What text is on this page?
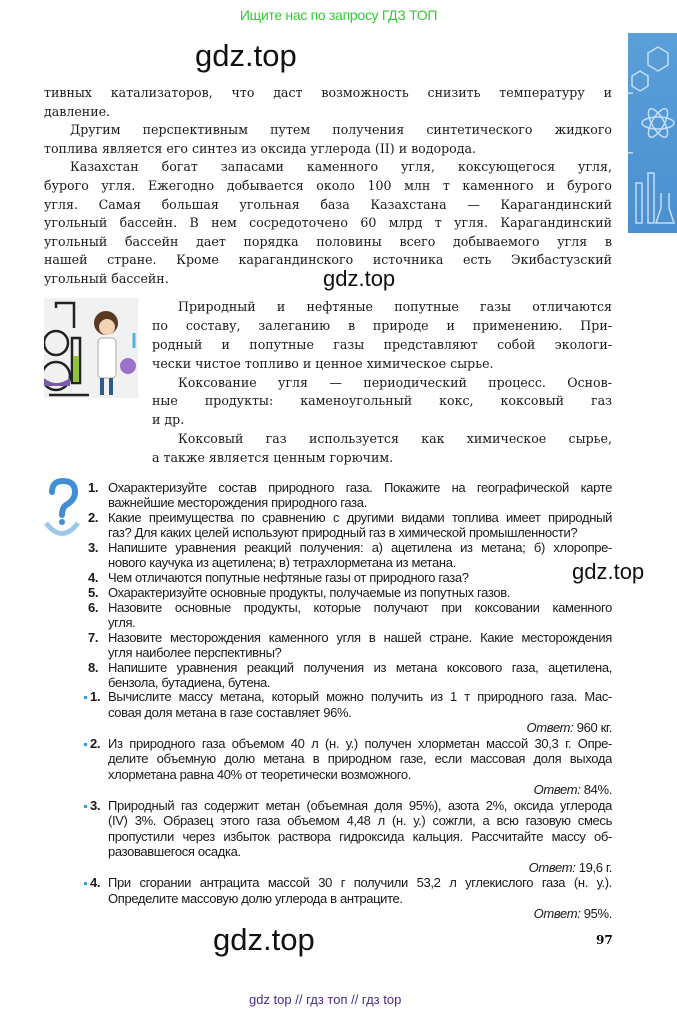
Ищите нас по запросу ГДЗ ТОП
gdz.top
gdz.top
gdz.top
gdz.top
тивных катализаторов, что даст возможность снизить температуру и
давление.
Другим перспективным путем получения синтетического жидкого
топлива является его синтез из оксида углерода (II) и водорода.
Казахстан богат запасами каменного угля, коксующегося угля,
бурого угля. Ежегодно добывается около 100 млн т каменного и бурого
угля. Самая большая угольная база Казахстана — Карагандинский
угольный бассейн. В нем сосредоточено 60 млрд т угля. Карагандинский
угольный бассейн дает порядка половины всего добываемого угля в
нашей стране. Кроме карагандинского источника есть Экибастузский
угольный бассейн.
Природный и нефтяные попутные газы отличаются
по составу, залеганию в природе и применению. При-
родный и попутные газы представляют собой экологи-
чески чистое топливо и ценное химическое сырье.
Коксование угля — периодический процесс. Основ-
ные продукты: каменоугольный кокс, коксовый газ
и др.
Коксовый газ используется как химическое сырье,
а также является ценным горючим.
1. Охарактеризуйте состав природного газа. Покажите на географической карте
важнейшие месторождения природного газа.
2. Какие преимущества по сравнению с другими видами топлива имеет природный
газ? Для каких целей используют природный газ в химической промышленности?
3. Напишите уравнения реакций получения: а) ацетилена из метана; б) хлоропре-
нового каучука из ацетилена; в) тетрахлорметана из метана.
4. Чем отличаются попутные нефтяные газы от природного газа?
5. Охарактеризуйте основные продукты, получаемые из попутных газов.
6. Назовите основные продукты, которые получают при коксовании каменного
угля.
7. Назовите месторождения каменного угля в нашей стране. Какие месторождения
угля наиболее перспективны?
8. Напишите уравнения реакций получения из метана коксового газа, ацетилена,
бензола, бутадиена, бутена.
1. Вычислите массу метана, который можно получить из 1 т природного газа. Мас-
совая доля метана в газе составляет 96%.
Ответ: 960 кг.
2. Из природного газа объемом 40 л (н. у.) получен хлорметан массой 30,3 г. Опре-
делите объемную долю метана в природном газе, если массовая доля выхода
хлорметана равна 40% от теоретически возможного.
Ответ: 84%.
3. Природный газ содержит метан (объемная доля 95%), азота 2%, оксида углерода
(IV) 3%. Образец этого газа объемом 4,48 л (н. у.) сожгли, а всю газовую смесь
пропустили через избыток раствора гидроксида кальция. Рассчитайте массу об-
разовавшегося осадка.
Ответ: 19,6 г.
4. При сгорании антрацита массой 30 г получили 53,2 л углекислого газа (н. у.).
Определите массовую долю углерода в антраците.
Ответ: 95%.
97
gdz top // гдз топ // гдз top
